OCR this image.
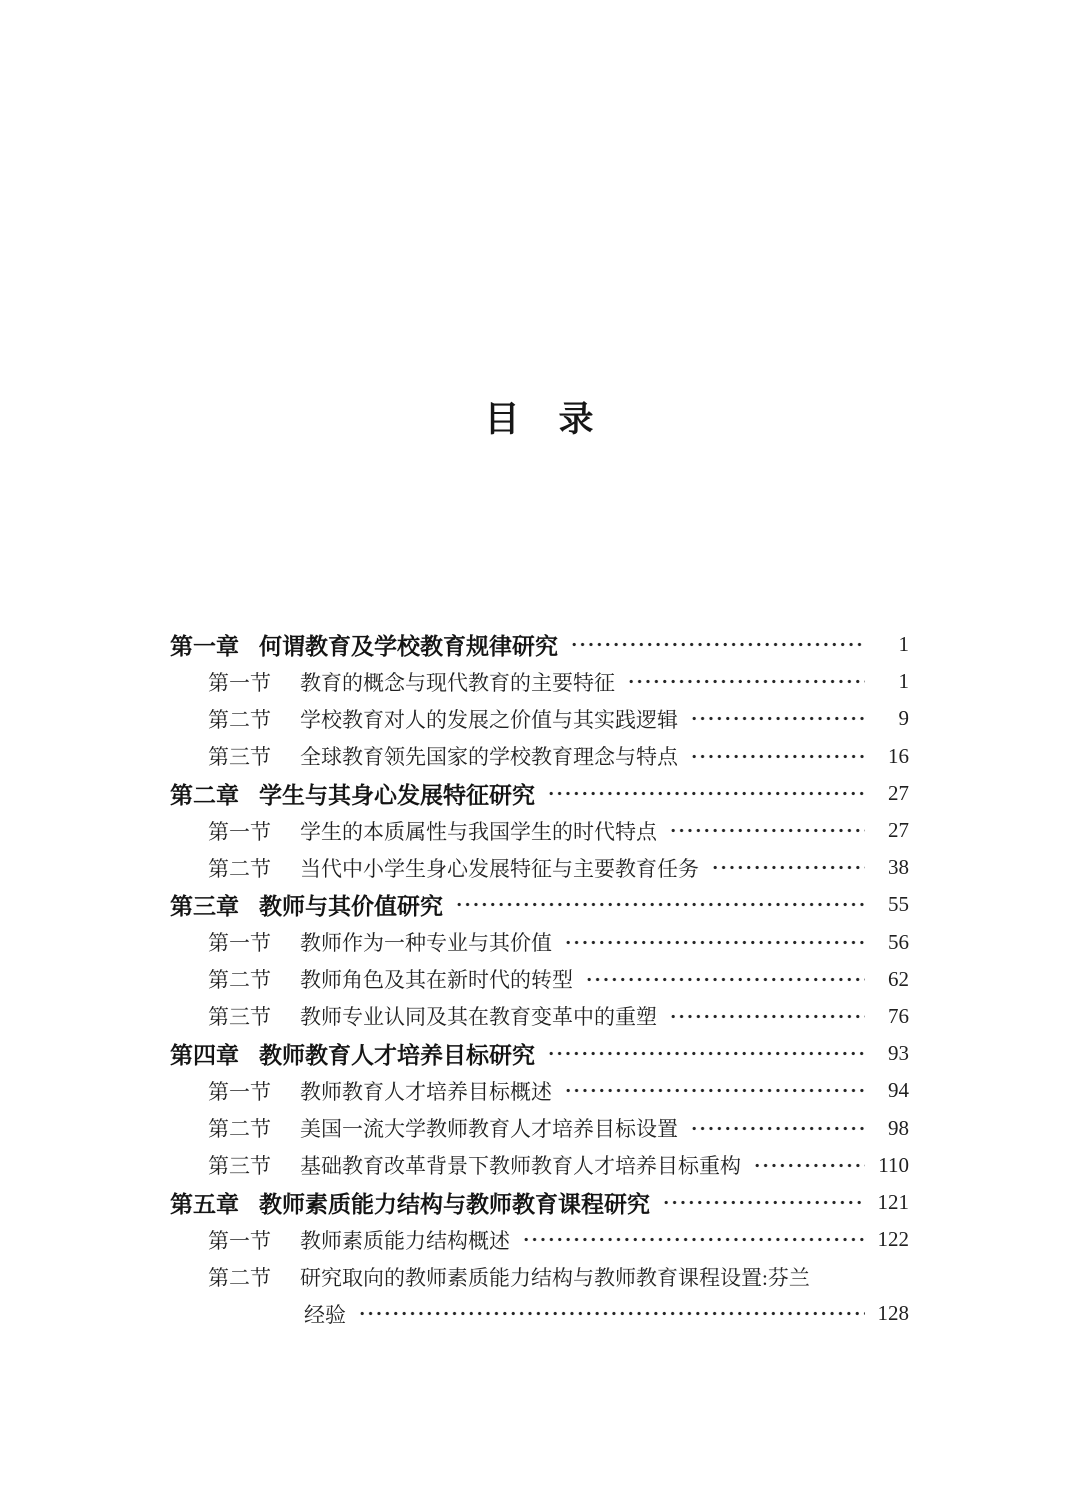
目　录
第一章 何谓教育及学校教育规律研究	1
第一节 教育的概念与现代教育的主要特征	1
第二节 学校教育对人的发展之价值与其实践逻辑	9
第三节 全球教育领先国家的学校教育理念与特点	16
第二章 学生与其身心发展特征研究	27
第一节 学生的本质属性与我国学生的时代特点	27
第二节 当代中小学生身心发展特征与主要教育任务	38
第三章 教师与其价值研究	55
第一节 教师作为一种专业与其价值	56
第二节 教师角色及其在新时代的转型	62
第三节 教师专业认同及其在教育变革中的重塑	76
第四章 教师教育人才培养目标研究	93
第一节 教师教育人才培养目标概述	94
第二节 美国一流大学教师教育人才培养目标设置	98
第三节 基础教育改革背景下教师教育人才培养目标重构	110
第五章 教师素质能力结构与教师教育课程研究	121
第一节 教师素质能力结构概述	122
第二节 研究取向的教师素质能力结构与教师教育课程设置:芬兰
经验	128
